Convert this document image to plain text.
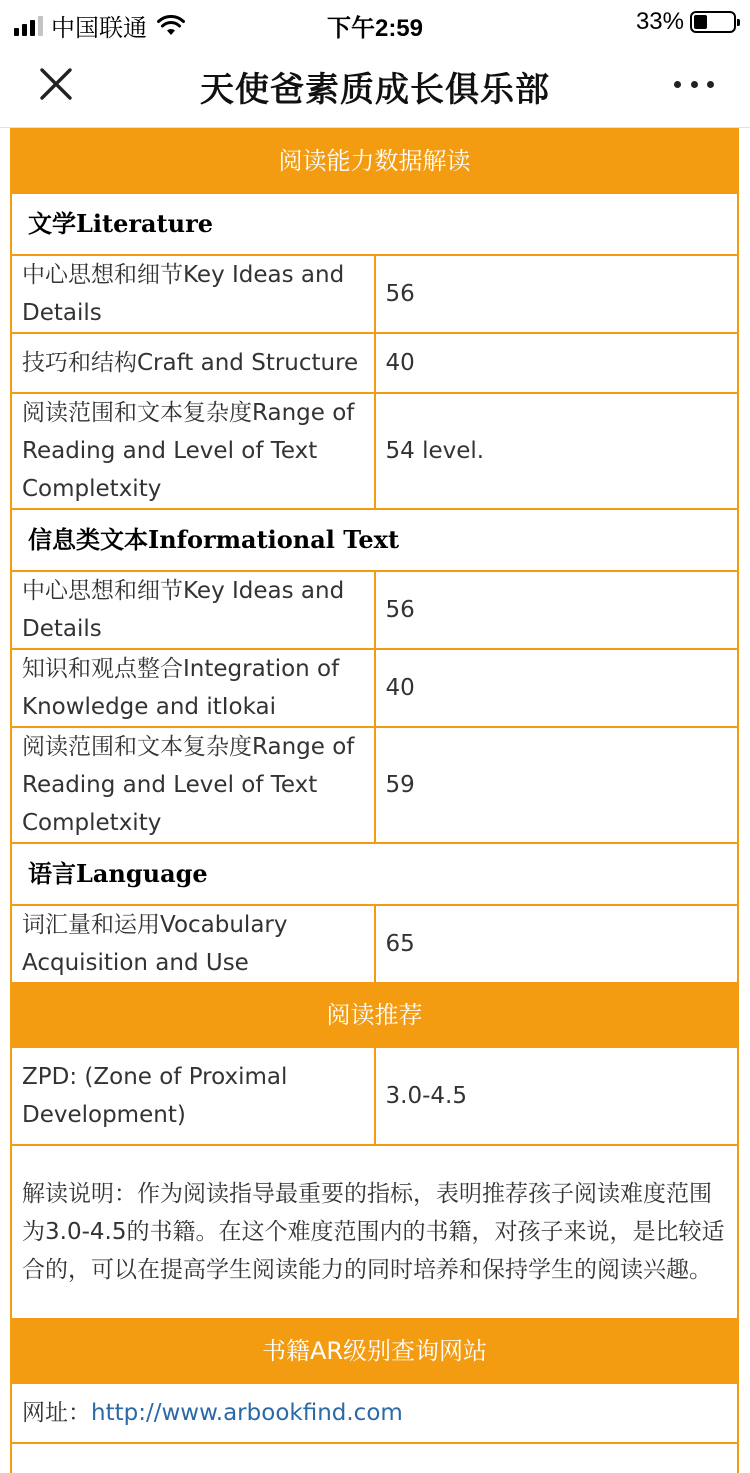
中国联通	下午2:59	33%
天使爸素质成长俱乐部
阅读能力数据解读	
文学Literature	
中心思想和细节Key Ideas and Details	56
技巧和结构Craft and Structure	40
阅读范围和文本复杂度Range of Reading and Level of Text Completxity	54 level.
信息类文本Informational Text	
中心思想和细节Key Ideas and Details	56
知识和观点整合Integration of Knowledge and itIokai	40
阅读范围和文本复杂度Range of Reading and Level of Text Completxity	59
语言Language	
词汇量和运用Vocabulary Acquisition and Use	65
阅读推荐	
ZPD: (Zone of Proximal Development)	3.0-4.5
解读说明：作为阅读指导最重要的指标，表明推荐孩子阅读难度范围为3.0-4.5的书籍。在这个难度范围内的书籍，对孩子来说，是比较适合的，可以在提高学生阅读能力的同时培养和保持学生的阅读兴趣。	
书籍AR级别查询网站	
网址：http://www.arbookfind.com	
